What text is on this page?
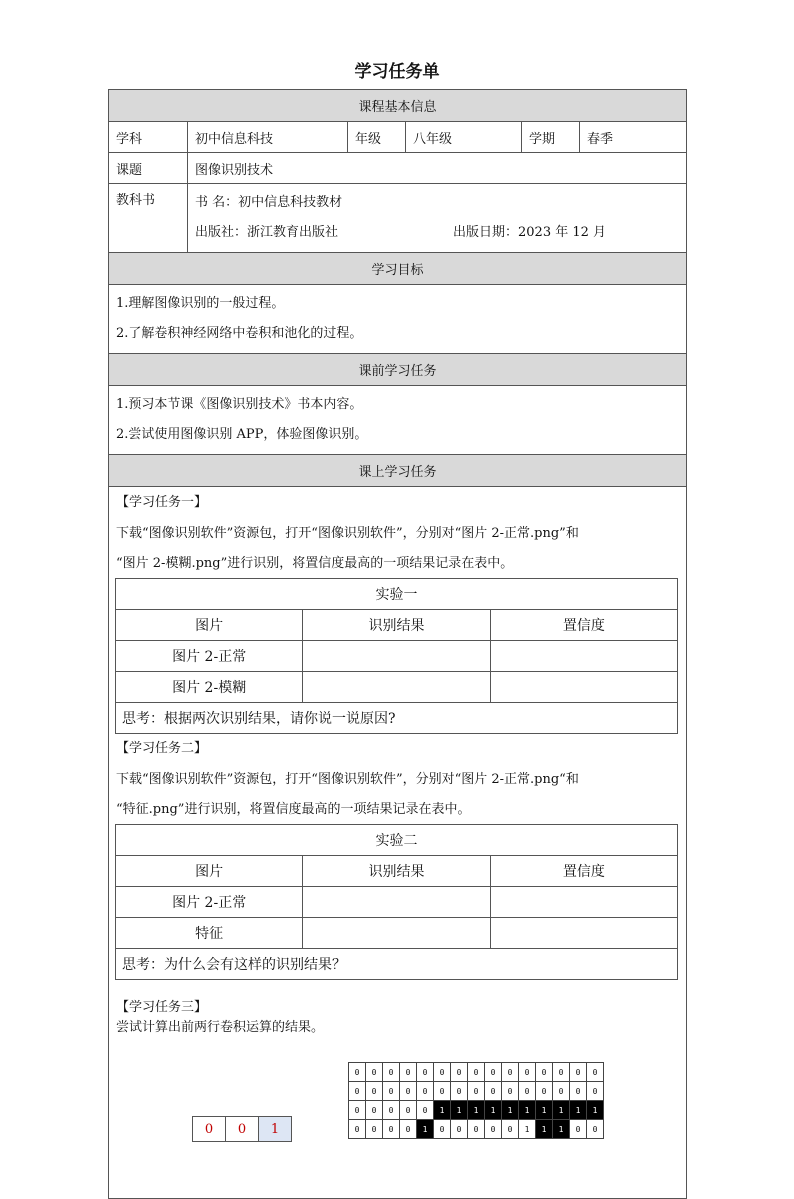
学习任务单
课程基本信息
学科	初中信息科技	年级	八年级	学期	春季
课题	图像识别技术
教科书	书 名：初中信息科技教材
出版社：浙江教育出版社	出版日期：2023 年 12 月

学习目标

1.理解图像识别的一般过程。
2.了解卷积神经网络中卷积和池化的过程。

课前学习任务

1.预习本节课《图像识别技术》书本内容。
2.尝试使用图像识别 APP，体验图像识别。

课上学习任务

【学习任务一】
下载“图像识别软件”资源包，打开“图像识别软件”，分别对“图片 2-正常.png”和
“图片 2-模糊.png”进行识别，将置信度最高的一项结果记录在表中。
实验一
图片	识别结果	置信度
图片 2-正常		
图片 2-模糊		
思考：根据两次识别结果，请你说一说原因?
【学习任务二】
下载“图像识别软件”资源包，打开“图像识别软件”，分别对“图片 2-正常.png“和
“特征.png”进行识别，将置信度最高的一项结果记录在表中。
实验二
图片	识别结果	置信度
图片 2-正常		
特征		
思考：为什么会有这样的识别结果？
【学习任务三】
尝试计算出前两行卷积运算的结果。
0	0	1
0	0	0	0	0	0	0	0	0	0	0	0	0	0	0
0	0	0	0	0	0	0	0	0	0	0	0	0	0	0
0	0	0	0	0	1	1	1	1	1	1	1	1	1	1
0	0	0	0	1	0	0	0	0	0	1	1	1	0	0
